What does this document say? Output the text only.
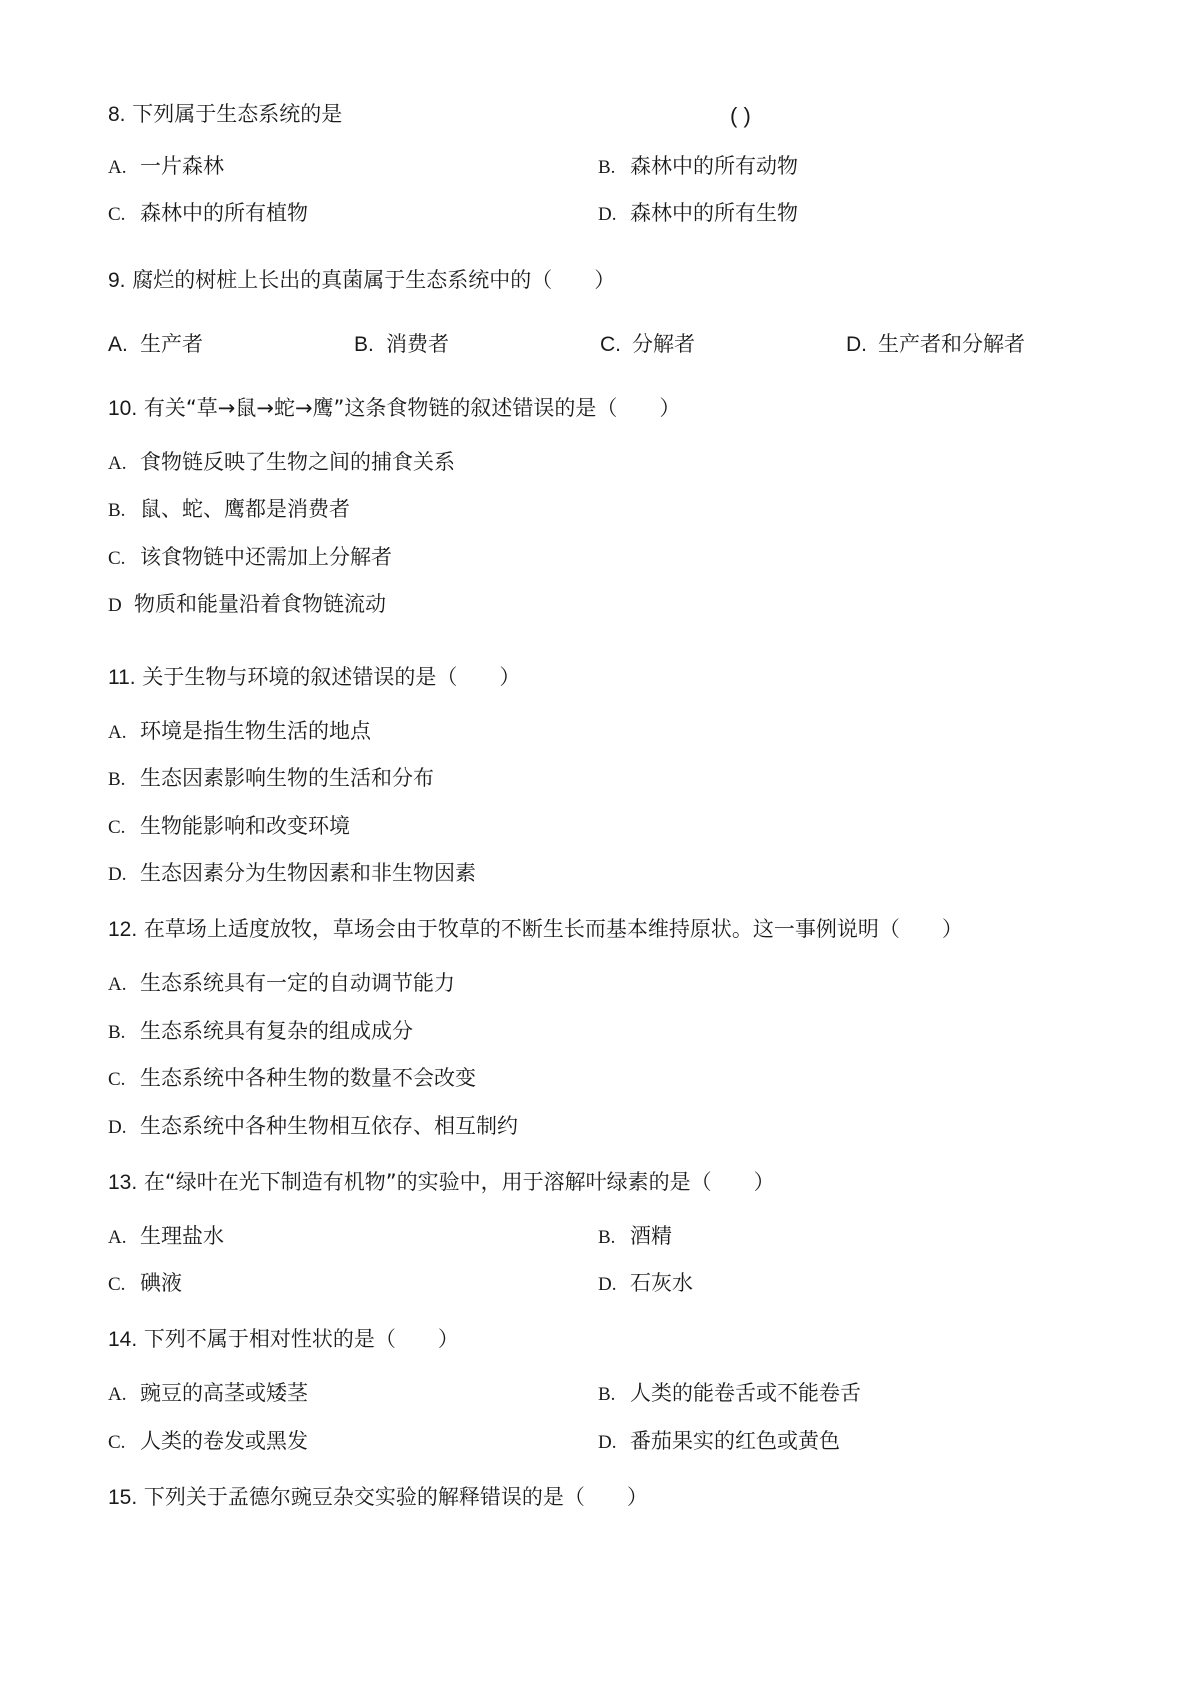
8. 下列属于生态系统的是	( )
A. 一片森林	B. 森林中的所有动物
C. 森林中的所有植物	D. 森林中的所有生物
9. 腐烂的树桩上长出的真菌属于生态系统中的（　　）
A. 生产者	B. 消费者	C. 分解者	D. 生产者和分解者
10. 有关“草→鼠→蛇→鹰”这条食物链的叙述错误的是（　　）
A. 食物链反映了生物之间的捕食关系
B. 鼠、蛇、鹰都是消费者
C. 该食物链中还需加上分解者
D 物质和能量沿着食物链流动
11. 关于生物与环境的叙述错误的是（　　）
A. 环境是指生物生活的地点
B. 生态因素影响生物的生活和分布
C. 生物能影响和改变环境
D. 生态因素分为生物因素和非生物因素
12. 在草场上适度放牧，草场会由于牧草的不断生长而基本维持原状。这一事例说明（　　）
A. 生态系统具有一定的自动调节能力
B. 生态系统具有复杂的组成成分
C. 生态系统中各种生物的数量不会改变
D. 生态系统中各种生物相互依存、相互制约
13. 在“绿叶在光下制造有机物”的实验中，用于溶解叶绿素的是（　　）
A. 生理盐水	B. 酒精
C. 碘液	D. 石灰水
14. 下列不属于相对性状的是（　　）
A. 豌豆的高茎或矮茎	B. 人类的能卷舌或不能卷舌
C. 人类的卷发或黑发	D. 番茄果实的红色或黄色
15. 下列关于孟德尔豌豆杂交实验的解释错误的是（　　）
